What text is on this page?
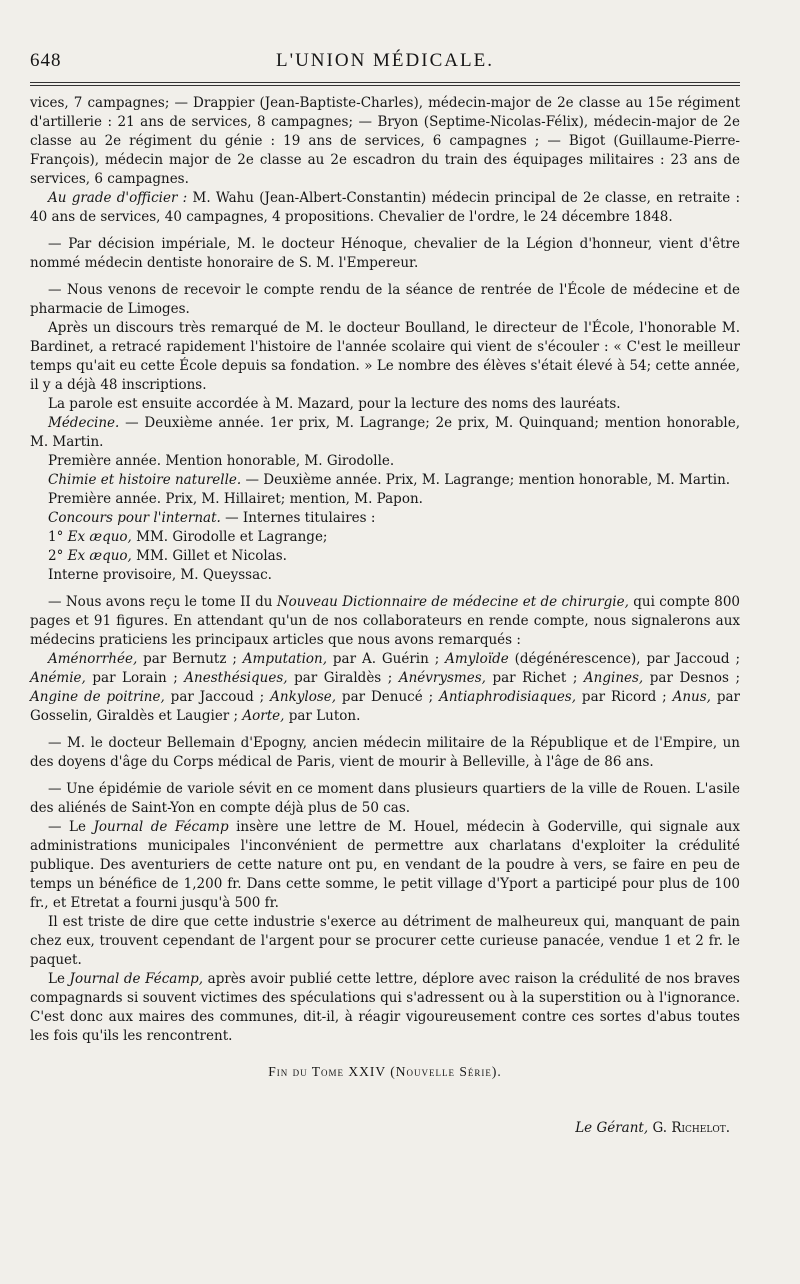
648	L'UNION MÉDICALE.

vices, 7 campagnes; — Drappier (Jean-Baptiste-Charles), médecin-major de 2e classe au 15e régiment d'artillerie : 21 ans de services, 8 campagnes; — Bryon (Septime-Nicolas-Félix), médecin-major de 2e classe au 2e régiment du génie : 19 ans de services, 6 campagnes ; — Bigot (Guillaume-Pierre-François), médecin major de 2e classe au 2e escadron du train des équipages militaires : 23 ans de services, 6 campagnes.

Au grade d'officier : M. Wahu (Jean-Albert-Constantin) médecin principal de 2e classe, en retraite : 40 ans de services, 40 campagnes, 4 propositions. Chevalier de l'ordre, le 24 décembre 1848.

— Par décision impériale, M. le docteur Hénoque, chevalier de la Légion d'honneur, vient d'être nommé médecin dentiste honoraire de S. M. l'Empereur.

— Nous venons de recevoir le compte rendu de la séance de rentrée de l'École de médecine et de pharmacie de Limoges.

Après un discours très remarqué de M. le docteur Boulland, le directeur de l'École, l'honorable M. Bardinet, a retracé rapidement l'histoire de l'année scolaire qui vient de s'écouler : « C'est le meilleur temps qu'ait eu cette École depuis sa fondation. » Le nombre des élèves s'était élevé à 54; cette année, il y a déjà 48 inscriptions.

La parole est ensuite accordée à M. Mazard, pour la lecture des noms des lauréats.

Médecine. — Deuxième année. 1er prix, M. Lagrange; 2e prix, M. Quinquand; mention honorable, M. Martin.

Première année. Mention honorable, M. Girodolle.

Chimie et histoire naturelle. — Deuxième année. Prix, M. Lagrange; mention honorable, M. Martin.

Première année. Prix, M. Hillairet; mention, M. Papon.

Concours pour l'internat. — Internes titulaires :

1° Ex æquo, MM. Girodolle et Lagrange;

2° Ex æquo, MM. Gillet et Nicolas.

Interne provisoire, M. Queyssac.

— Nous avons reçu le tome II du Nouveau Dictionnaire de médecine et de chirurgie, qui compte 800 pages et 91 figures. En attendant qu'un de nos collaborateurs en rende compte, nous signalerons aux médecins praticiens les principaux articles que nous avons remarqués :

Aménorrhée, par Bernutz ; Amputation, par A. Guérin ; Amyloïde (dégénérescence), par Jaccoud ; Anémie, par Lorain ; Anesthésiques, par Giraldès ; Anévrysmes, par Richet ; Angines, par Desnos ; Angine de poitrine, par Jaccoud ; Ankylose, par Denucé ; Antiaphrodisiaques, par Ricord ; Anus, par Gosselin, Giraldès et Laugier ; Aorte, par Luton.

— M. le docteur Bellemain d'Epogny, ancien médecin militaire de la République et de l'Empire, un des doyens d'âge du Corps médical de Paris, vient de mourir à Belleville, à l'âge de 86 ans.

— Une épidémie de variole sévit en ce moment dans plusieurs quartiers de la ville de Rouen. L'asile des aliénés de Saint-Yon en compte déjà plus de 50 cas.

— Le Journal de Fécamp insère une lettre de M. Houel, médecin à Goderville, qui signale aux administrations municipales l'inconvénient de permettre aux charlatans d'exploiter la crédulité publique. Des aventuriers de cette nature ont pu, en vendant de la poudre à vers, se faire en peu de temps un bénéfice de 1,200 fr. Dans cette somme, le petit village d'Yport a participé pour plus de 100 fr., et Etretat a fourni jusqu'à 500 fr.

Il est triste de dire que cette industrie s'exerce au détriment de malheureux qui, manquant de pain chez eux, trouvent cependant de l'argent pour se procurer cette curieuse panacée, vendue 1 et 2 fr. le paquet.

Le Journal de Fécamp, après avoir publié cette lettre, déplore avec raison la crédulité de nos braves compagnards si souvent victimes des spéculations qui s'adressent ou à la superstition ou à l'ignorance. C'est donc aux maires des communes, dit-il, à réagir vigoureusement contre ces sortes d'abus toutes les fois qu'ils les rencontrent.

Fin du Tome XXIV (Nouvelle Série).
Le Gérant, G. Richelot.
